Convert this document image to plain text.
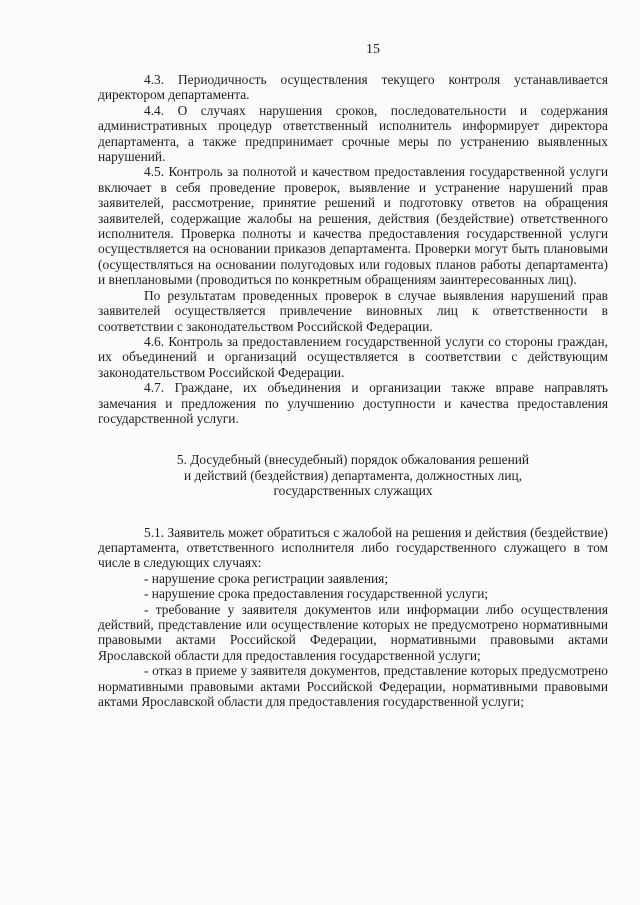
15

4.3. Периодичность осуществления текущего контроля устанавливается директором департамента.

4.4. О случаях нарушения сроков, последовательности и содержания административных процедур ответственный исполнитель информирует директора департамента, а также предпринимает срочные меры по устранению выявленных нарушений.

4.5. Контроль за полнотой и качеством предоставления государственной услуги включает в себя проведение проверок, выявление и устранение нарушений прав заявителей, рассмотрение, принятие решений и подготовку ответов на обращения заявителей, содержащие жалобы на решения, действия (бездействие) ответственного исполнителя. Проверка полноты и качества предоставления государственной услуги осуществляется на основании приказов департамента. Проверки могут быть плановыми (осуществляться на основании полугодовых или годовых планов работы департамента) и внеплановыми (проводиться по конкретным обращениям заинтересованных лиц).

По результатам проведенных проверок в случае выявления нарушений прав заявителей осуществляется привлечение виновных лиц к ответственности в соответствии с законодательством Российской Федерации.

4.6. Контроль за предоставлением государственной услуги со стороны граждан, их объединений и организаций осуществляется в соответствии с действующим законодательством Российской Федерации.

4.7. Граждане, их объединения и организации также вправе направлять замечания и предложения по улучшению доступности и качества предоставления государственной услуги.

5. Досудебный (внесудебный) порядок обжалования решений
и действий (бездействия) департамента, должностных лиц,
государственных служащих

5.1. Заявитель может обратиться с жалобой на решения и действия (бездействие) департамента, ответственного исполнителя либо государственного служащего в том числе в следующих случаях:

- нарушение срока регистрации заявления;

- нарушение срока предоставления государственной услуги;

- требование у заявителя документов или информации либо осуществления действий, представление или осуществление которых не предусмотрено нормативными правовыми актами Российской Федерации, нормативными правовыми актами Ярославской области для предоставления государственной услуги;

- отказ в приеме у заявителя документов, представление которых предусмотрено нормативными правовыми актами Российской Федерации, нормативными правовыми актами Ярославской области для предоставления государственной услуги;
